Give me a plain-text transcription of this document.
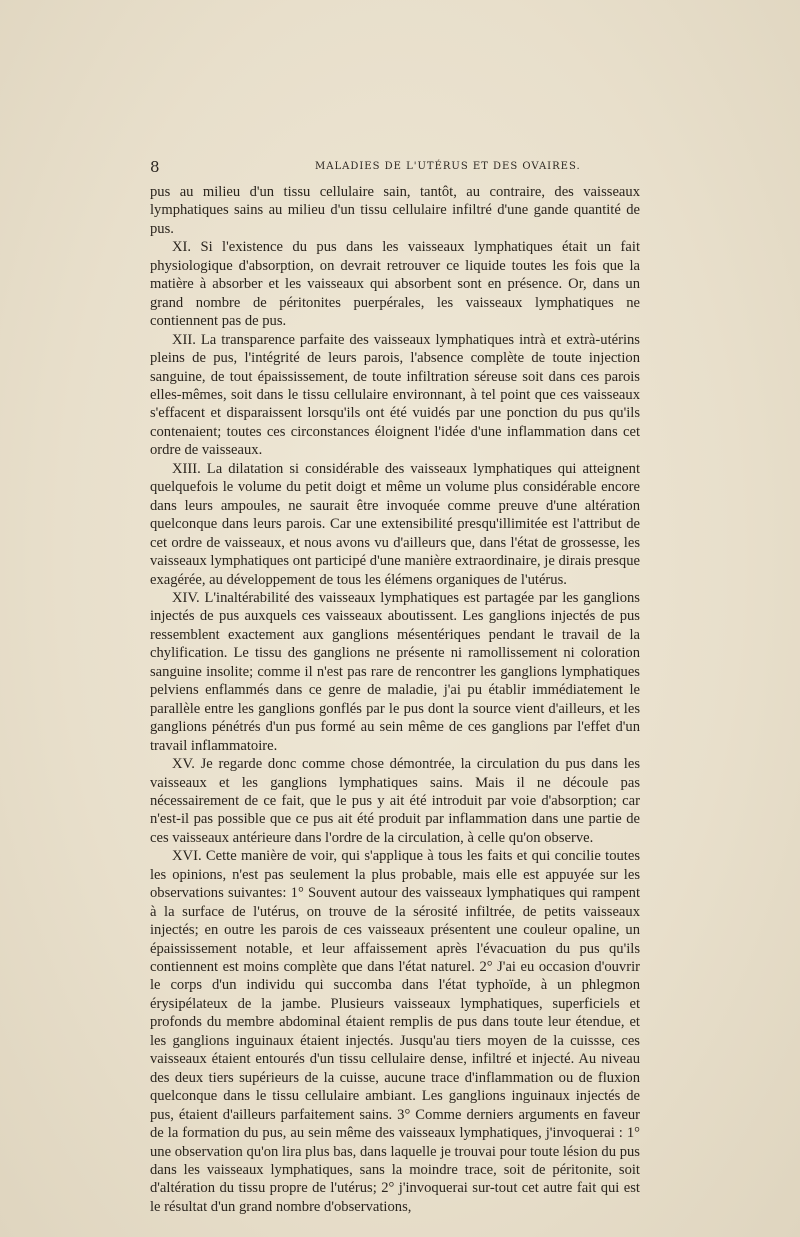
8	MALADIES DE L'UTÉRUS ET DES OVAIRES.

pus au milieu d'un tissu cellulaire sain, tantôt, au contraire, des vaisseaux lymphatiques sains au milieu d'un tissu cellulaire infiltré d'une gande quantité de pus.

XI. Si l'existence du pus dans les vaisseaux lymphatiques était un fait physiologique d'absorption, on devrait retrouver ce liquide toutes les fois que la matière à absorber et les vaisseaux qui absorbent sont en présence. Or, dans un grand nombre de péritonites puerpérales, les vaisseaux lymphatiques ne contiennent pas de pus.

XII. La transparence parfaite des vaisseaux lymphatiques intrà et extrà-utérins pleins de pus, l'intégrité de leurs parois, l'absence complète de toute injection sanguine, de tout épaississement, de toute infiltration séreuse soit dans ces parois elles-mêmes, soit dans le tissu cellulaire environnant, à tel point que ces vaisseaux s'effacent et disparaissent lorsqu'ils ont été vuidés par une ponction du pus qu'ils contenaient; toutes ces circonstances éloignent l'idée d'une inflammation dans cet ordre de vaisseaux.

XIII. La dilatation si considérable des vaisseaux lymphatiques qui atteignent quelquefois le volume du petit doigt et même un volume plus considérable encore dans leurs ampoules, ne saurait être invoquée comme preuve d'une altération quelconque dans leurs parois. Car une extensibilité presqu'illimitée est l'attribut de cet ordre de vaisseaux, et nous avons vu d'ailleurs que, dans l'état de grossesse, les vaisseaux lymphatiques ont participé d'une manière extraordinaire, je dirais presque exagérée, au développement de tous les élémens organiques de l'utérus.

XIV. L'inaltérabilité des vaisseaux lymphatiques est partagée par les ganglions injectés de pus auxquels ces vaisseaux aboutissent. Les ganglions injectés de pus ressemblent exactement aux ganglions mésentériques pendant le travail de la chylification. Le tissu des ganglions ne présente ni ramollissement ni coloration sanguine insolite; comme il n'est pas rare de rencontrer les ganglions lymphatiques pelviens enflammés dans ce genre de maladie, j'ai pu établir immédiatement le parallèle entre les ganglions gonflés par le pus dont la source vient d'ailleurs, et les ganglions pénétrés d'un pus formé au sein même de ces ganglions par l'effet d'un travail inflammatoire.

XV. Je regarde donc comme chose démontrée, la circulation du pus dans les vaisseaux et les ganglions lymphatiques sains. Mais il ne découle pas nécessairement de ce fait, que le pus y ait été introduit par voie d'absorption; car n'est-il pas possible que ce pus ait été produit par inflammation dans une partie de ces vaisseaux antérieure dans l'ordre de la circulation, à celle qu'on observe.

XVI. Cette manière de voir, qui s'applique à tous les faits et qui concilie toutes les opinions, n'est pas seulement la plus probable, mais elle est appuyée sur les observations suivantes: 1° Souvent autour des vaisseaux lymphatiques qui rampent à la surface de l'utérus, on trouve de la sérosité infiltrée, de petits vaisseaux injectés; en outre les parois de ces vaisseaux présentent une couleur opaline, un épaississement notable, et leur affaissement après l'évacuation du pus qu'ils contiennent est moins complète que dans l'état naturel. 2° J'ai eu occasion d'ouvrir le corps d'un individu qui succomba dans l'état typhoïde, à un phlegmon érysipélateux de la jambe. Plusieurs vaisseaux lymphatiques, superficiels et profonds du membre abdominal étaient remplis de pus dans toute leur étendue, et les ganglions inguinaux étaient injectés. Jusqu'au tiers moyen de la cuissse, ces vaisseaux étaient entourés d'un tissu cellulaire dense, infiltré et injecté. Au niveau des deux tiers supérieurs de la cuisse, aucune trace d'inflammation ou de fluxion quelconque dans le tissu cellulaire ambiant. Les ganglions inguinaux injectés de pus, étaient d'ailleurs parfaitement sains. 3° Comme derniers arguments en faveur de la formation du pus, au sein même des vaisseaux lymphatiques, j'invoquerai : 1° une observation qu'on lira plus bas, dans laquelle je trouvai pour toute lésion du pus dans les vaisseaux lymphatiques, sans la moindre trace, soit de péritonite, soit d'altération du tissu propre de l'utérus; 2° j'invoquerai sur-tout cet autre fait qui est le résultat d'un grand nombre d'observations,
